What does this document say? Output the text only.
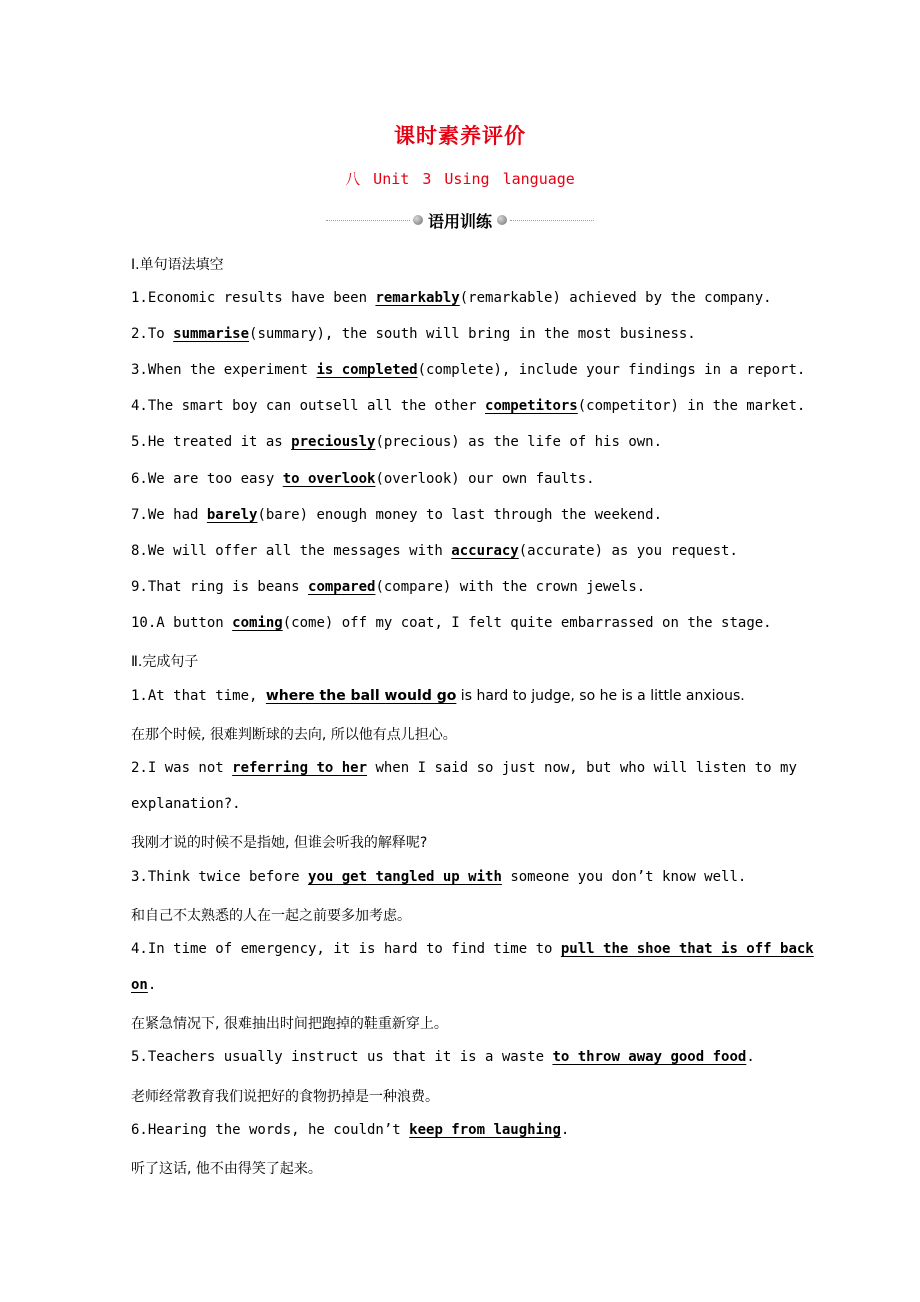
课时素养评价
八 Unit 3 Using language
语用训练
Ⅰ.单句语法填空
1.Economic results have been remarkably(remarkable) achieved by the company.
2.To summarise(summary), the south will bring in the most business.
3.When the experiment is completed(complete), include your findings in a report.
4.The smart boy can outsell all the other competitors(competitor) in the market.
5.He treated it as preciously(precious) as the life of his own.
6.We are too easy to overlook(overlook) our own faults.
7.We had barely(bare) enough money to last through the weekend.
8.We will offer all the messages with accuracy(accurate) as you request.
9.That ring is beans compared(compare) with the crown jewels.
10.A button coming(come) off my coat, I felt quite embarrassed on the stage.
Ⅱ.完成句子
1.At that time, where the ball would go is hard to judge, so he is a little anxious.
在那个时候, 很难判断球的去向, 所以他有点儿担心。
2.I was not referring to her when I said so just now, but who will listen to my
explanation?.
我刚才说的时候不是指她, 但谁会听我的解释呢?
3.Think twice before you get tangled up with someone you don’t know well.
和自己不太熟悉的人在一起之前要多加考虑。
4.In time of emergency, it is hard to find time to pull the shoe that is off back
on.
在紧急情况下, 很难抽出时间把跑掉的鞋重新穿上。
5.Teachers usually instruct us that it is a waste to throw away good food.
老师经常教育我们说把好的食物扔掉是一种浪费。
6.Hearing the words, he couldn’t keep from laughing.
听了这话, 他不由得笑了起来。
